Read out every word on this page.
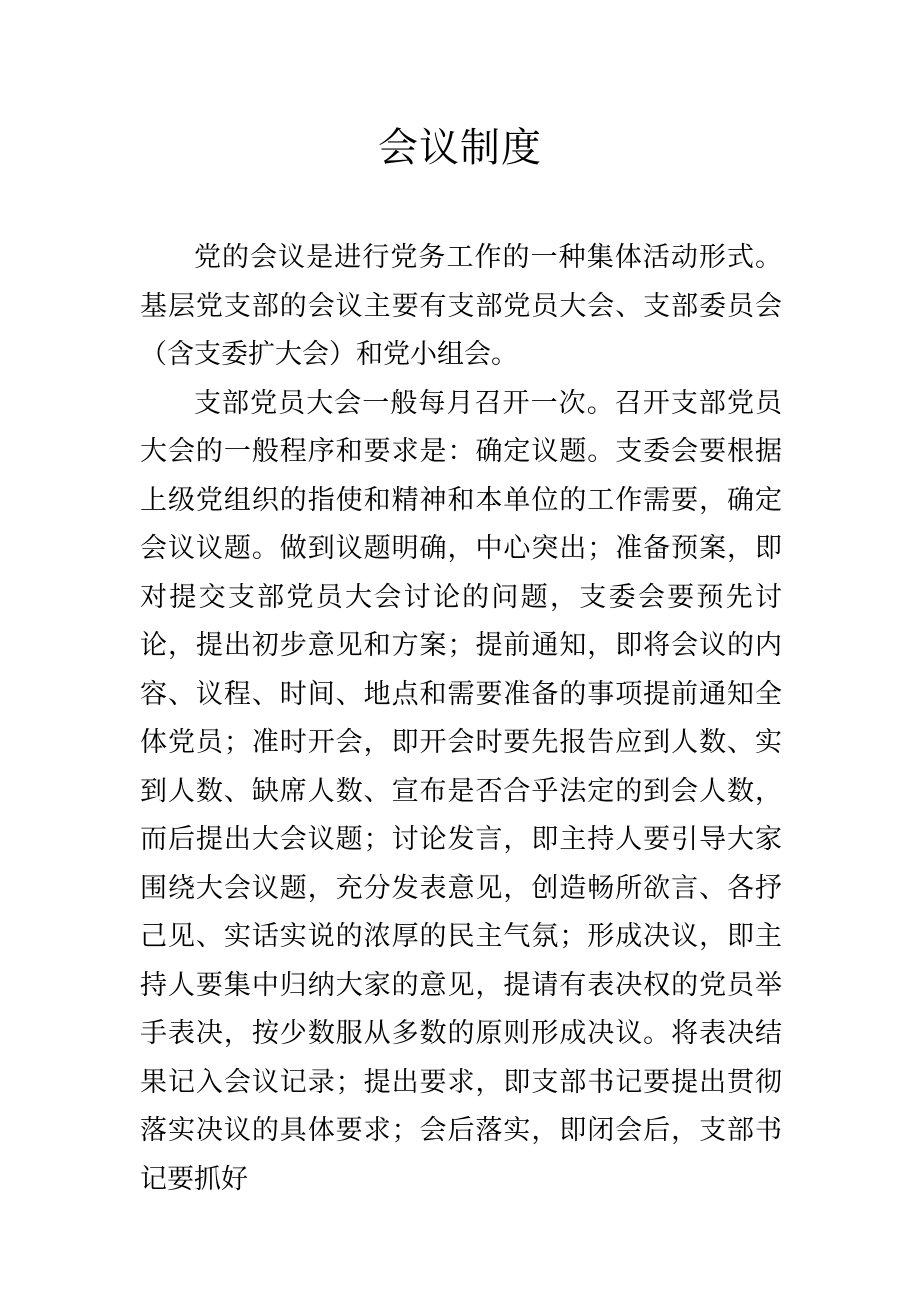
会议制度

党的会议是进行党务工作的一种集体活动形式。基层党支部的会议主要有支部党员大会、支部委员会（含支委扩大会）和党小组会。

支部党员大会一般每月召开一次。召开支部党员大会的一般程序和要求是：确定议题。支委会要根据上级党组织的指使和精神和本单位的工作需要，确定会议议题。做到议题明确，中心突出；准备预案，即对提交支部党员大会讨论的问题，支委会要预先讨论，提出初步意见和方案；提前通知，即将会议的内容、议程、时间、地点和需要准备的事项提前通知全体党员；准时开会，即开会时要先报告应到人数、实到人数、缺席人数、宣布是否合乎法定的到会人数，而后提出大会议题；讨论发言，即主持人要引导大家围绕大会议题，充分发表意见，创造畅所欲言、各抒己见、实话实说的浓厚的民主气氛；形成决议，即主持人要集中归纳大家的意见，提请有表决权的党员举手表决，按少数服从多数的原则形成决议。将表决结果记入会议记录；提出要求，即支部书记要提出贯彻落实决议的具体要求；会后落实，即闭会后，支部书记要抓好
